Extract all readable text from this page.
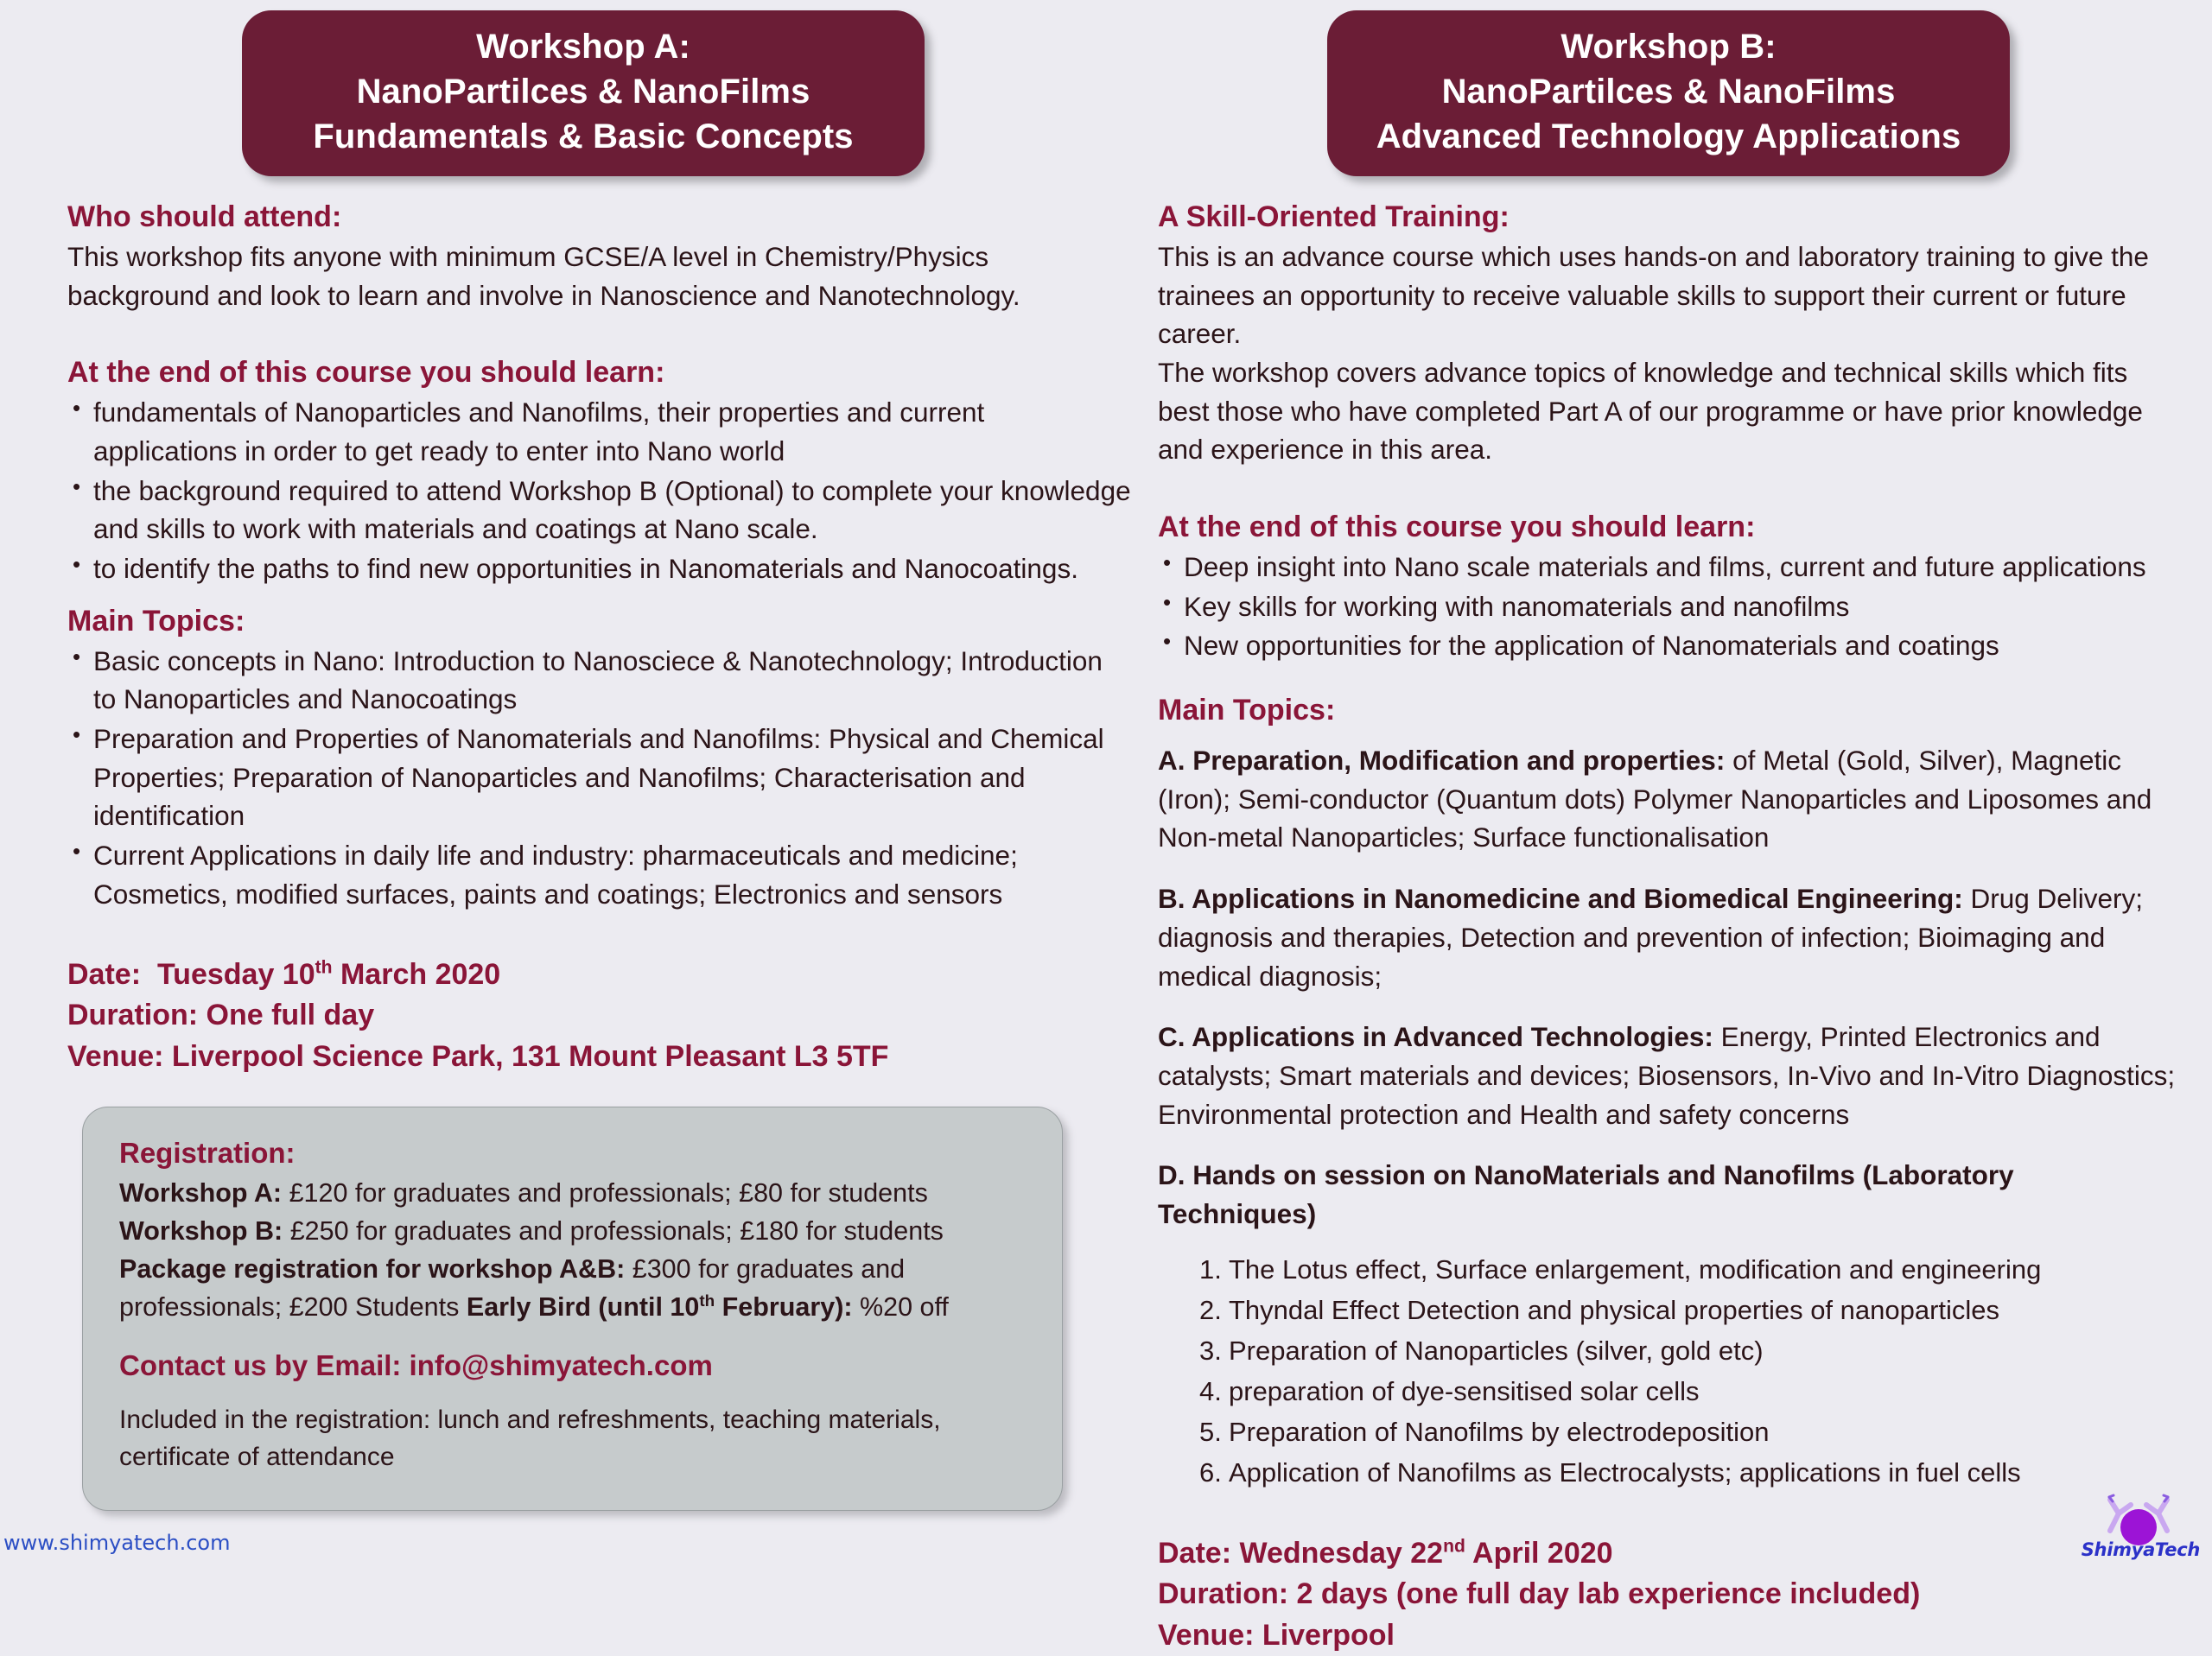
Workshop A:
NanoPartilces & NanoFilms
Fundamentals & Basic Concepts
Who should attend:

This workshop fits anyone with minimum GCSE/A level in Chemistry/Physics background and look to learn and involve in Nanoscience and Nanotechnology.

At the end of this course you should learn:
• fundamentals of Nanoparticles and Nanofilms, their properties and current applications in order to get ready to enter into Nano world
• the background required to attend Workshop B (Optional) to complete your knowledge and skills to work with materials and coatings at Nano scale.
• to identify the paths to find new opportunities in Nanomaterials and Nanocoatings.
Main Topics:
• Basic concepts in Nano: Introduction to Nanosciece & Nanotechnology; Introduction to Nanoparticles and Nanocoatings
• Preparation and Properties of Nanomaterials and Nanofilms: Physical and Chemical Properties; Preparation of Nanoparticles and Nanofilms; Characterisation and identification
• Current Applications in daily life and industry: pharmaceuticals and medicine; Cosmetics, modified surfaces, paints and coatings; Electronics and sensors
Date: Tuesday 10th March 2020
Duration: One full day
Venue: Liverpool Science Park, 131 Mount Pleasant L3 5TF
Registration:
Workshop A: £120 for graduates and professionals; £80 for students
Workshop B: £250 for graduates and professionals; £180 for students
Package registration for workshop A&B: £300 for graduates and
professionals; £200 Students Early Bird (until 10th February): %20 off
Contact us by Email: info@shimyatech.com
Included in the registration: lunch and refreshments, teaching materials,
certificate of attendance
Workshop B:
NanoPartilces & NanoFilms
Advanced Technology Applications
A Skill-Oriented Training:

This is an advance course which uses hands-on and laboratory training to give the trainees an opportunity to receive valuable skills to support their current or future career.

The workshop covers advance topics of knowledge and technical skills which fits best those who have completed Part A of our programme or have prior knowledge and experience in this area.

At the end of this course you should learn:
• Deep insight into Nano scale materials and films, current and future applications
• Key skills for working with nanomaterials and nanofilms
• New opportunities for the application of Nanomaterials and coatings
Main Topics:
A. Preparation, Modification and properties: of Metal (Gold, Silver), Magnetic (Iron); Semi-conductor (Quantum dots) Polymer Nanoparticles and Liposomes and Non-metal Nanoparticles; Surface functionalisation
B. Applications in Nanomedicine and Biomedical Engineering: Drug Delivery; diagnosis and therapies, Detection and prevention of infection; Bioimaging and medical diagnosis;
C. Applications in Advanced Technologies: Energy, Printed Electronics and catalysts; Smart materials and devices; Biosensors, In-Vivo and In-Vitro Diagnostics; Environmental protection and Health and safety concerns
D. Hands on session on NanoMaterials and Nanofilms (Laboratory Techniques)
1. The Lotus effect, Surface enlargement, modification and engineering
2. Thyndal Effect Detection and physical properties of nanoparticles
3. Preparation of Nanoparticles (silver, gold etc)
4. preparation of dye-sensitised solar cells
5. Preparation of Nanofilms by electrodeposition
6. Application of Nanofilms as Electrocalysts; applications in fuel cells
Date: Wednesday 22nd April 2020
Duration: 2 days (one full day lab experience included)
Venue: Liverpool
www.shimyatech.com	ShimyaTech
